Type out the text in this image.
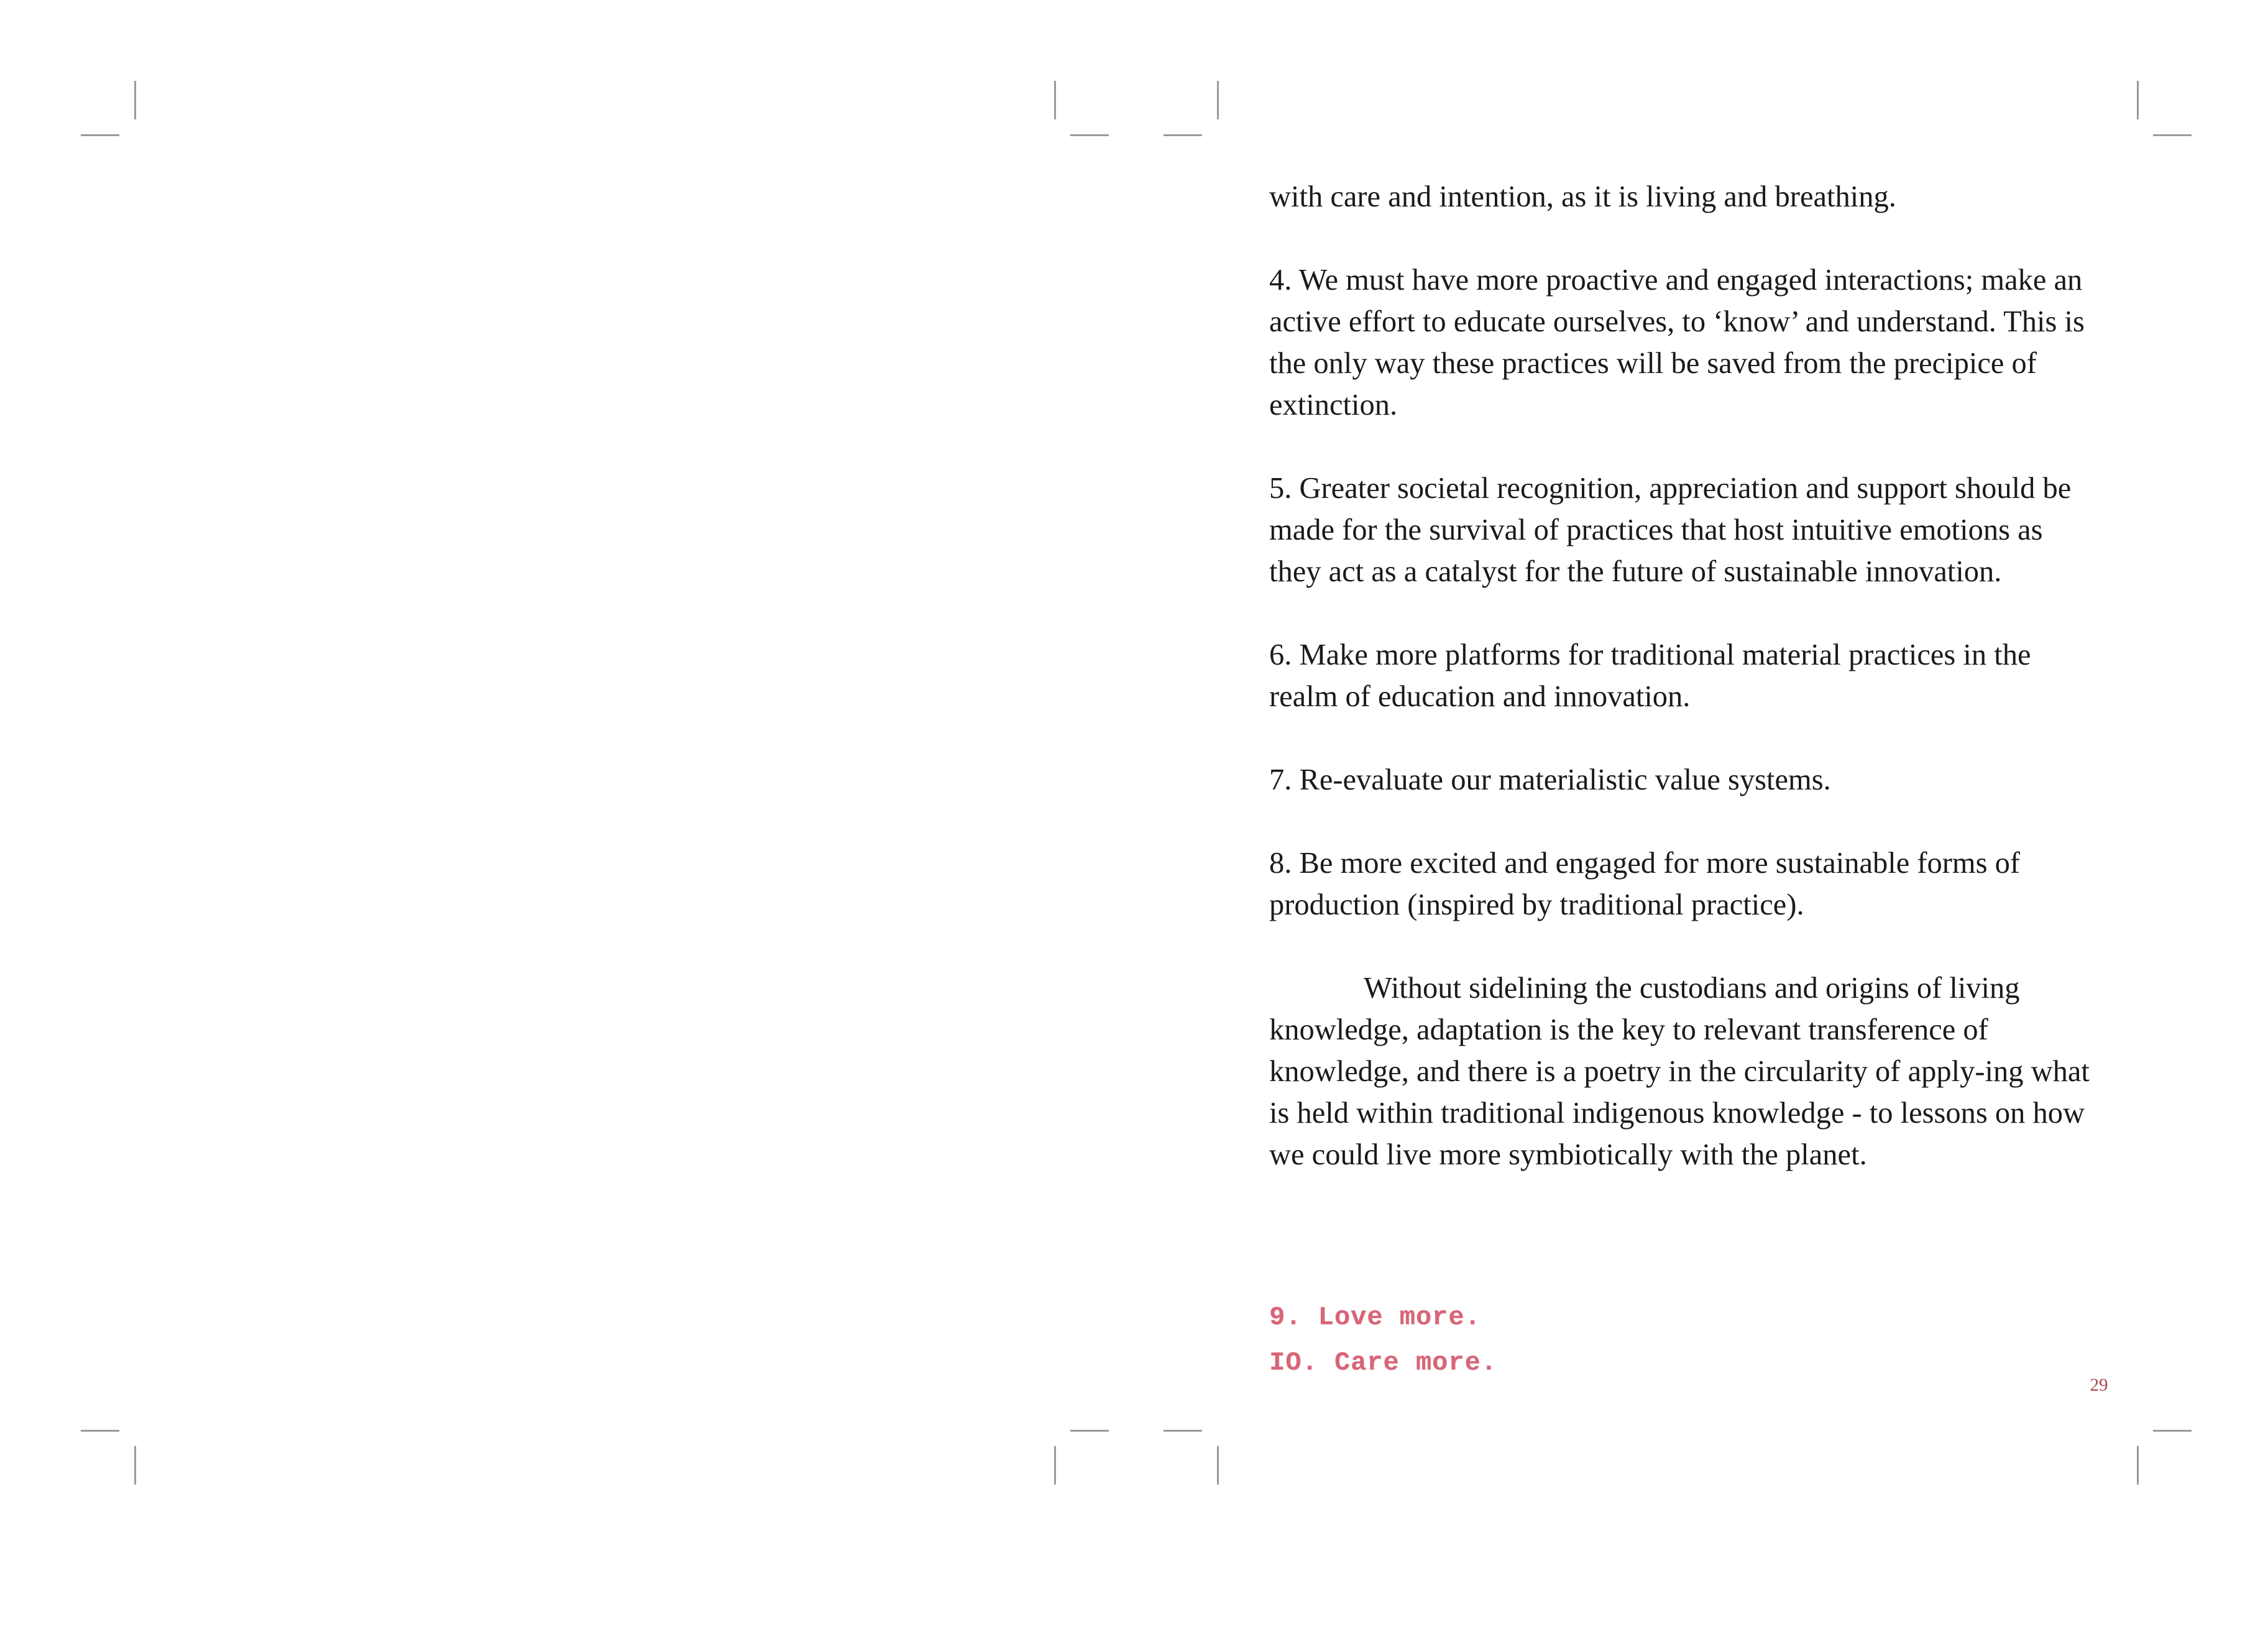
with care and intention, as it is living and breathing.

4. We must have more proactive and engaged interactions; make an active effort to educate ourselves, to ‘know’ and understand. This is the only way these practices will be saved from the precipice of extinction.

5. Greater societal recognition, appreciation and support should be made for the survival of practices that host intuitive emotions as they act as a catalyst for the future of sustainable innovation.

6. Make more platforms for traditional material practices in the realm of education and innovation.

7. Re-evaluate our materialistic value systems.

8. Be more excited and engaged for more sustainable forms of production (inspired by traditional practice).

Without sidelining the custodians and origins of living knowledge, adaptation is the key to relevant transference of knowledge, and there is a poetry in the circularity of apply-ing what is held within traditional indigenous knowledge - to lessons on how we could live more symbiotically with the planet.

9. Love more.
IO. Care more.
29
